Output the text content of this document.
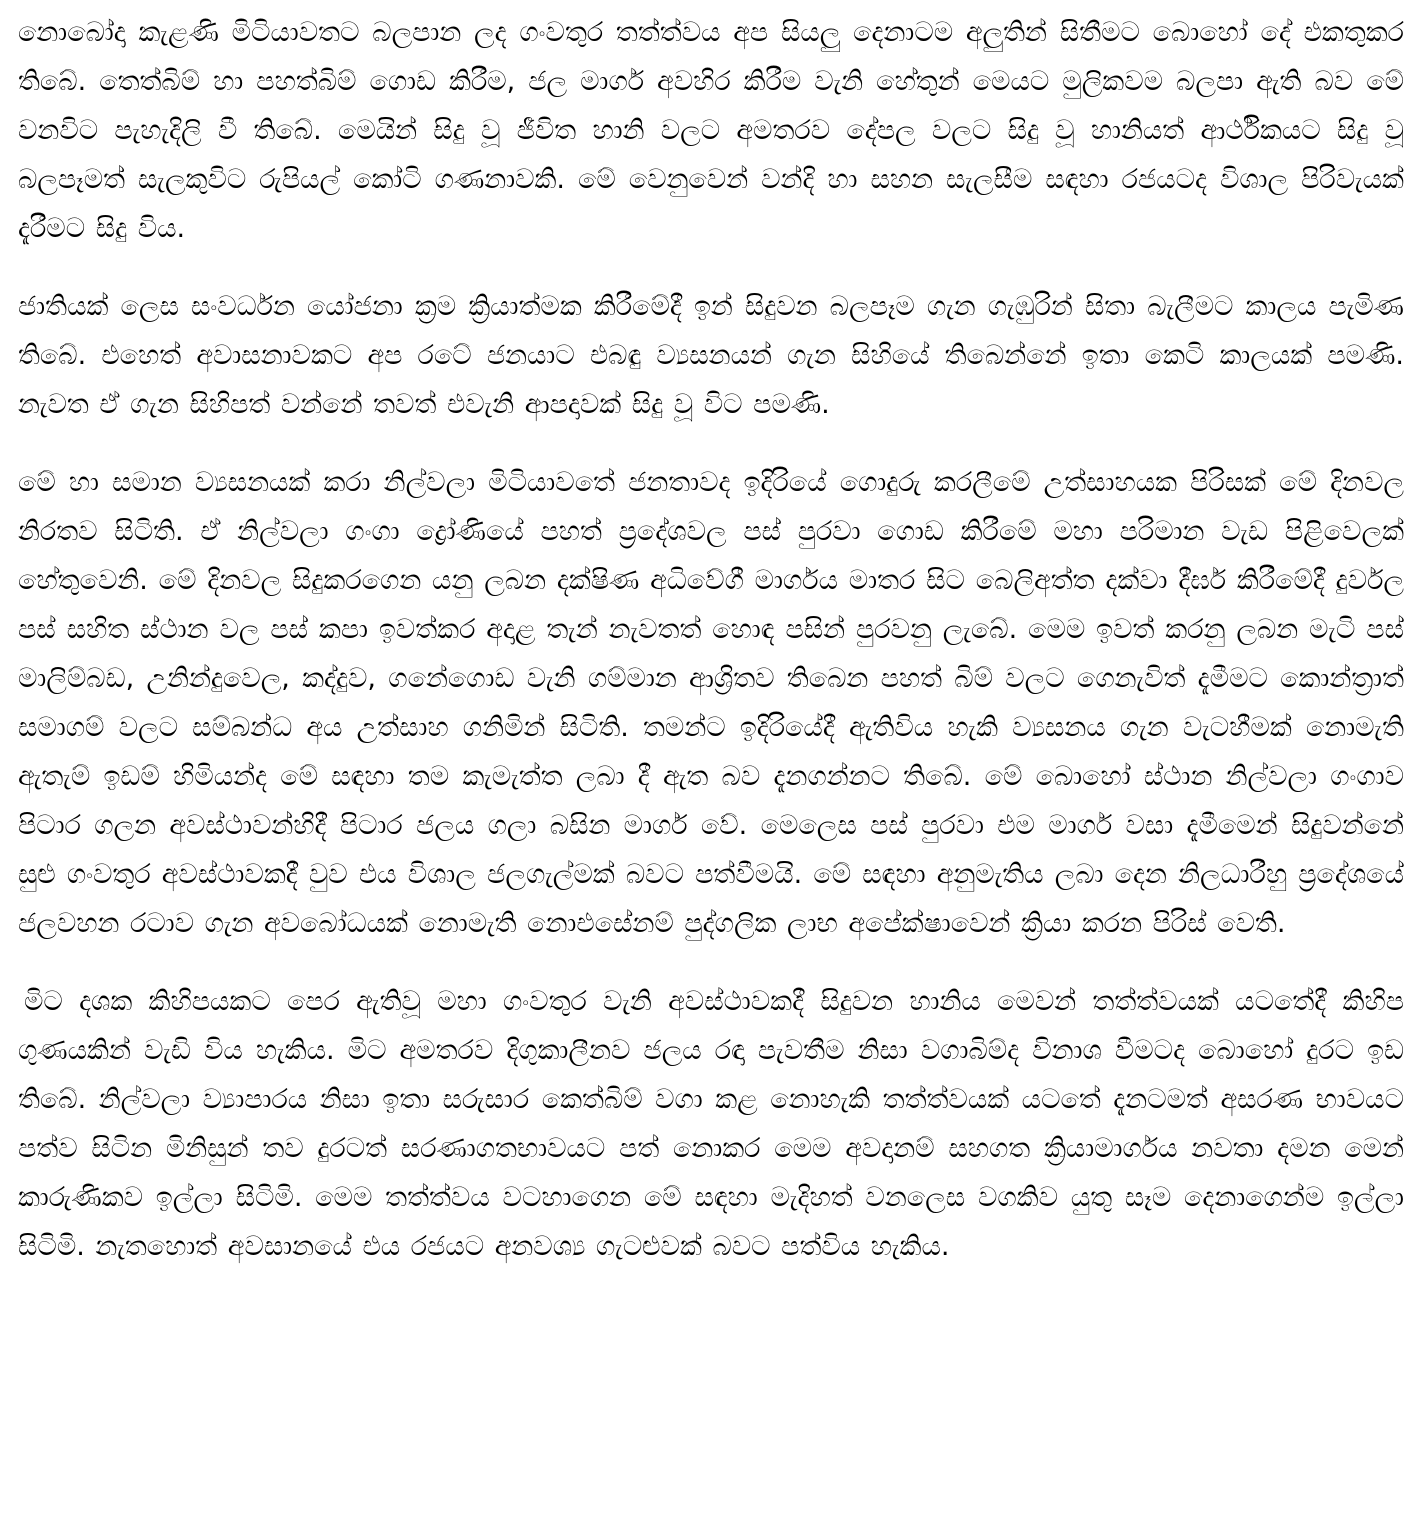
නොබෝදා කැළණි මිටියාවතට බලපාන ලද ගංවතුර තත්ත්වය අප සියලු දෙනාටම අලුතින් සිතීමට බොහෝ දේ එකතුකර තිබේ. තෙත්බිම් හා පහත්බිම් ගොඩ කිරීම, ජල මාර්ග අවහිර කිරීම වැනි හේතුන් මෙයට මුලිකවම බලපා ඇති බව මේ වනවිට පැහැදිලි වී තිබේ. මෙයින් සිදු වූ ජීවිත හානි වලට අමතරව දේපල වලට සිදු වූ හානියත් ආර්ථිකයට සිදු වූ බලපෑමත් සැලකුවිට රුපියල් කෝටි ගණනාවකි. මේ වෙනුවෙන් වන්දි හා සහන සැලසීම සඳහා රජයටද විශාල පිරිවැයක් දැරීමට සිදු විය.

ජාතියක් ලෙස සංවර්ධන යෝජනා ක්‍රම ක්‍රියාත්මක කිරීමේදී ඉන් සිදුවන බලපෑම ගැන ගැඹුරින් සිතා බැලීමට කාලය පැමිණ තිබේ. එහෙත් අවාසනාවකට අප රටේ ජනයාට එබඳු ව්‍යසනයන් ගැන සිහියේ තිබෙන්නේ ඉතා කෙටි කාලයක් පමණි. නැවත ඒ ගැන සිහිපත් වන්නේ තවත් එවැනි ආපදාවක් සිදු වූ විට පමණි.

මේ හා සමාන ව්‍යසනයක් කරා නිල්වලා මිටියාවතේ ජනතාවද ඉදිරියේ ගොදුරු කරලීමේ උත්සාහයක පිරිසක් මේ දිනවල නිරතව සිටිති. ඒ නිල්වලා ගංගා ද්‍රෝණියේ පහත් ප්‍රදේශවල පස් පුරවා ගොඩ කිරීමේ මහා පරිමාන වැඩ පිළිවෙලක් හේතුවෙනි. මේ දිනවල සිදුකරගෙන යනු ලබන දක්ෂිණ අධිවේගී මාර්ගය මාතර සිට බෙලිඅත්ත දක්වා දීර්ඝ කිරීමේදී දුර්වල පස් සහිත ස්ථාන වල පස් කපා ඉවත්කර අදාළ තැන් නැවතත් හොඳ පසින් පුරවනු ලැබේ. මෙම ඉවත් කරනු ලබන මැටි පස් මාලිම්බඩ, උනින්දුවෙල, කද්දුව, ගනේගොඩ වැනි ගම්මාන ආශ්‍රිතව තිබෙන පහත් බිම් වලට ගෙනැවිත් දැමීමට කොන්ත්‍රාත් සමාගම් වලට සම්බන්ධ අය උත්සාහ ගනිමින් සිටිති. තමන්ට ඉදිරියේදී ඇතිවිය හැකි ව්‍යසනය ගැන වැටහීමක් නොමැති ඇතැම් ඉඩම් හිමියන්ද මේ සඳහා තම කැමැත්ත ලබා දී ඇත බව දැනගන්නට තිබේ. මේ බොහෝ ස්ථාන නිල්වලා ගංගාව පිටාර ගලන අවස්ථාවන්හිදී පිටාර ජලය ගලා බසින මාර්ග වේ. මෙලෙස පස් පුරවා එම මාර්ග වසා දැමීමෙන් සිදුවන්නේ සුළු ගංවතුර අවස්ථාවකදී වුව එය විශාල ජලගැල්මක් බවට පත්වීමයි. මේ සඳහා අනුමැතිය ලබා දෙන නිලධාරීහු ප්‍රදේශයේ ජලවහන රටාව ගැන අවබෝධයක් නොමැති නොඑසේනම් පුද්ගලික ලාභ අපේක්ෂාවෙන් ක්‍රියා කරන පිරිස් වෙති.

මිට දශක කිහිපයකට පෙර ඇතිවූ මහා ගංවතුර වැනි අවස්ථාවකදී සිදුවන හානිය මෙවන් තත්ත්වයක් යටතේදී කිහිප ගුණයකින් වැඩි විය හැකිය. මිට අමතරව දිගුකාලීනව ජලය රඳා පැවතීම නිසා වගාබිම්ද විනාශ වීමටද බොහෝ දුරට ඉඩ තිබේ. නිල්වලා ව්‍යාපාරය නිසා ඉතා සරුසාර කෙත්බිම් වගා කළ නොහැකි තත්ත්වයක් යටතේ දැනටමත් අසරණ භාවයට පත්ව සිටින මිනිසුන් තව දුරටත් සරණාගතභාවයට පත් නොකර මෙම අවදානම් සහගත ක්‍රියාමාර්ගය නවතා දමන මෙන් කාරුණිකව ඉල්ලා සිටිමි. මෙම තත්ත්වය වටහාගෙන මේ සඳහා මැදිහත් වනලෙස වගකිව යුතු සෑම දෙනාගෙන්ම ඉල්ලා සිටිමි. නැතහොත් අවසානයේ එය රජයට අනවශ්‍ය ගැටළුවක් බවට පත්විය හැකිය.
